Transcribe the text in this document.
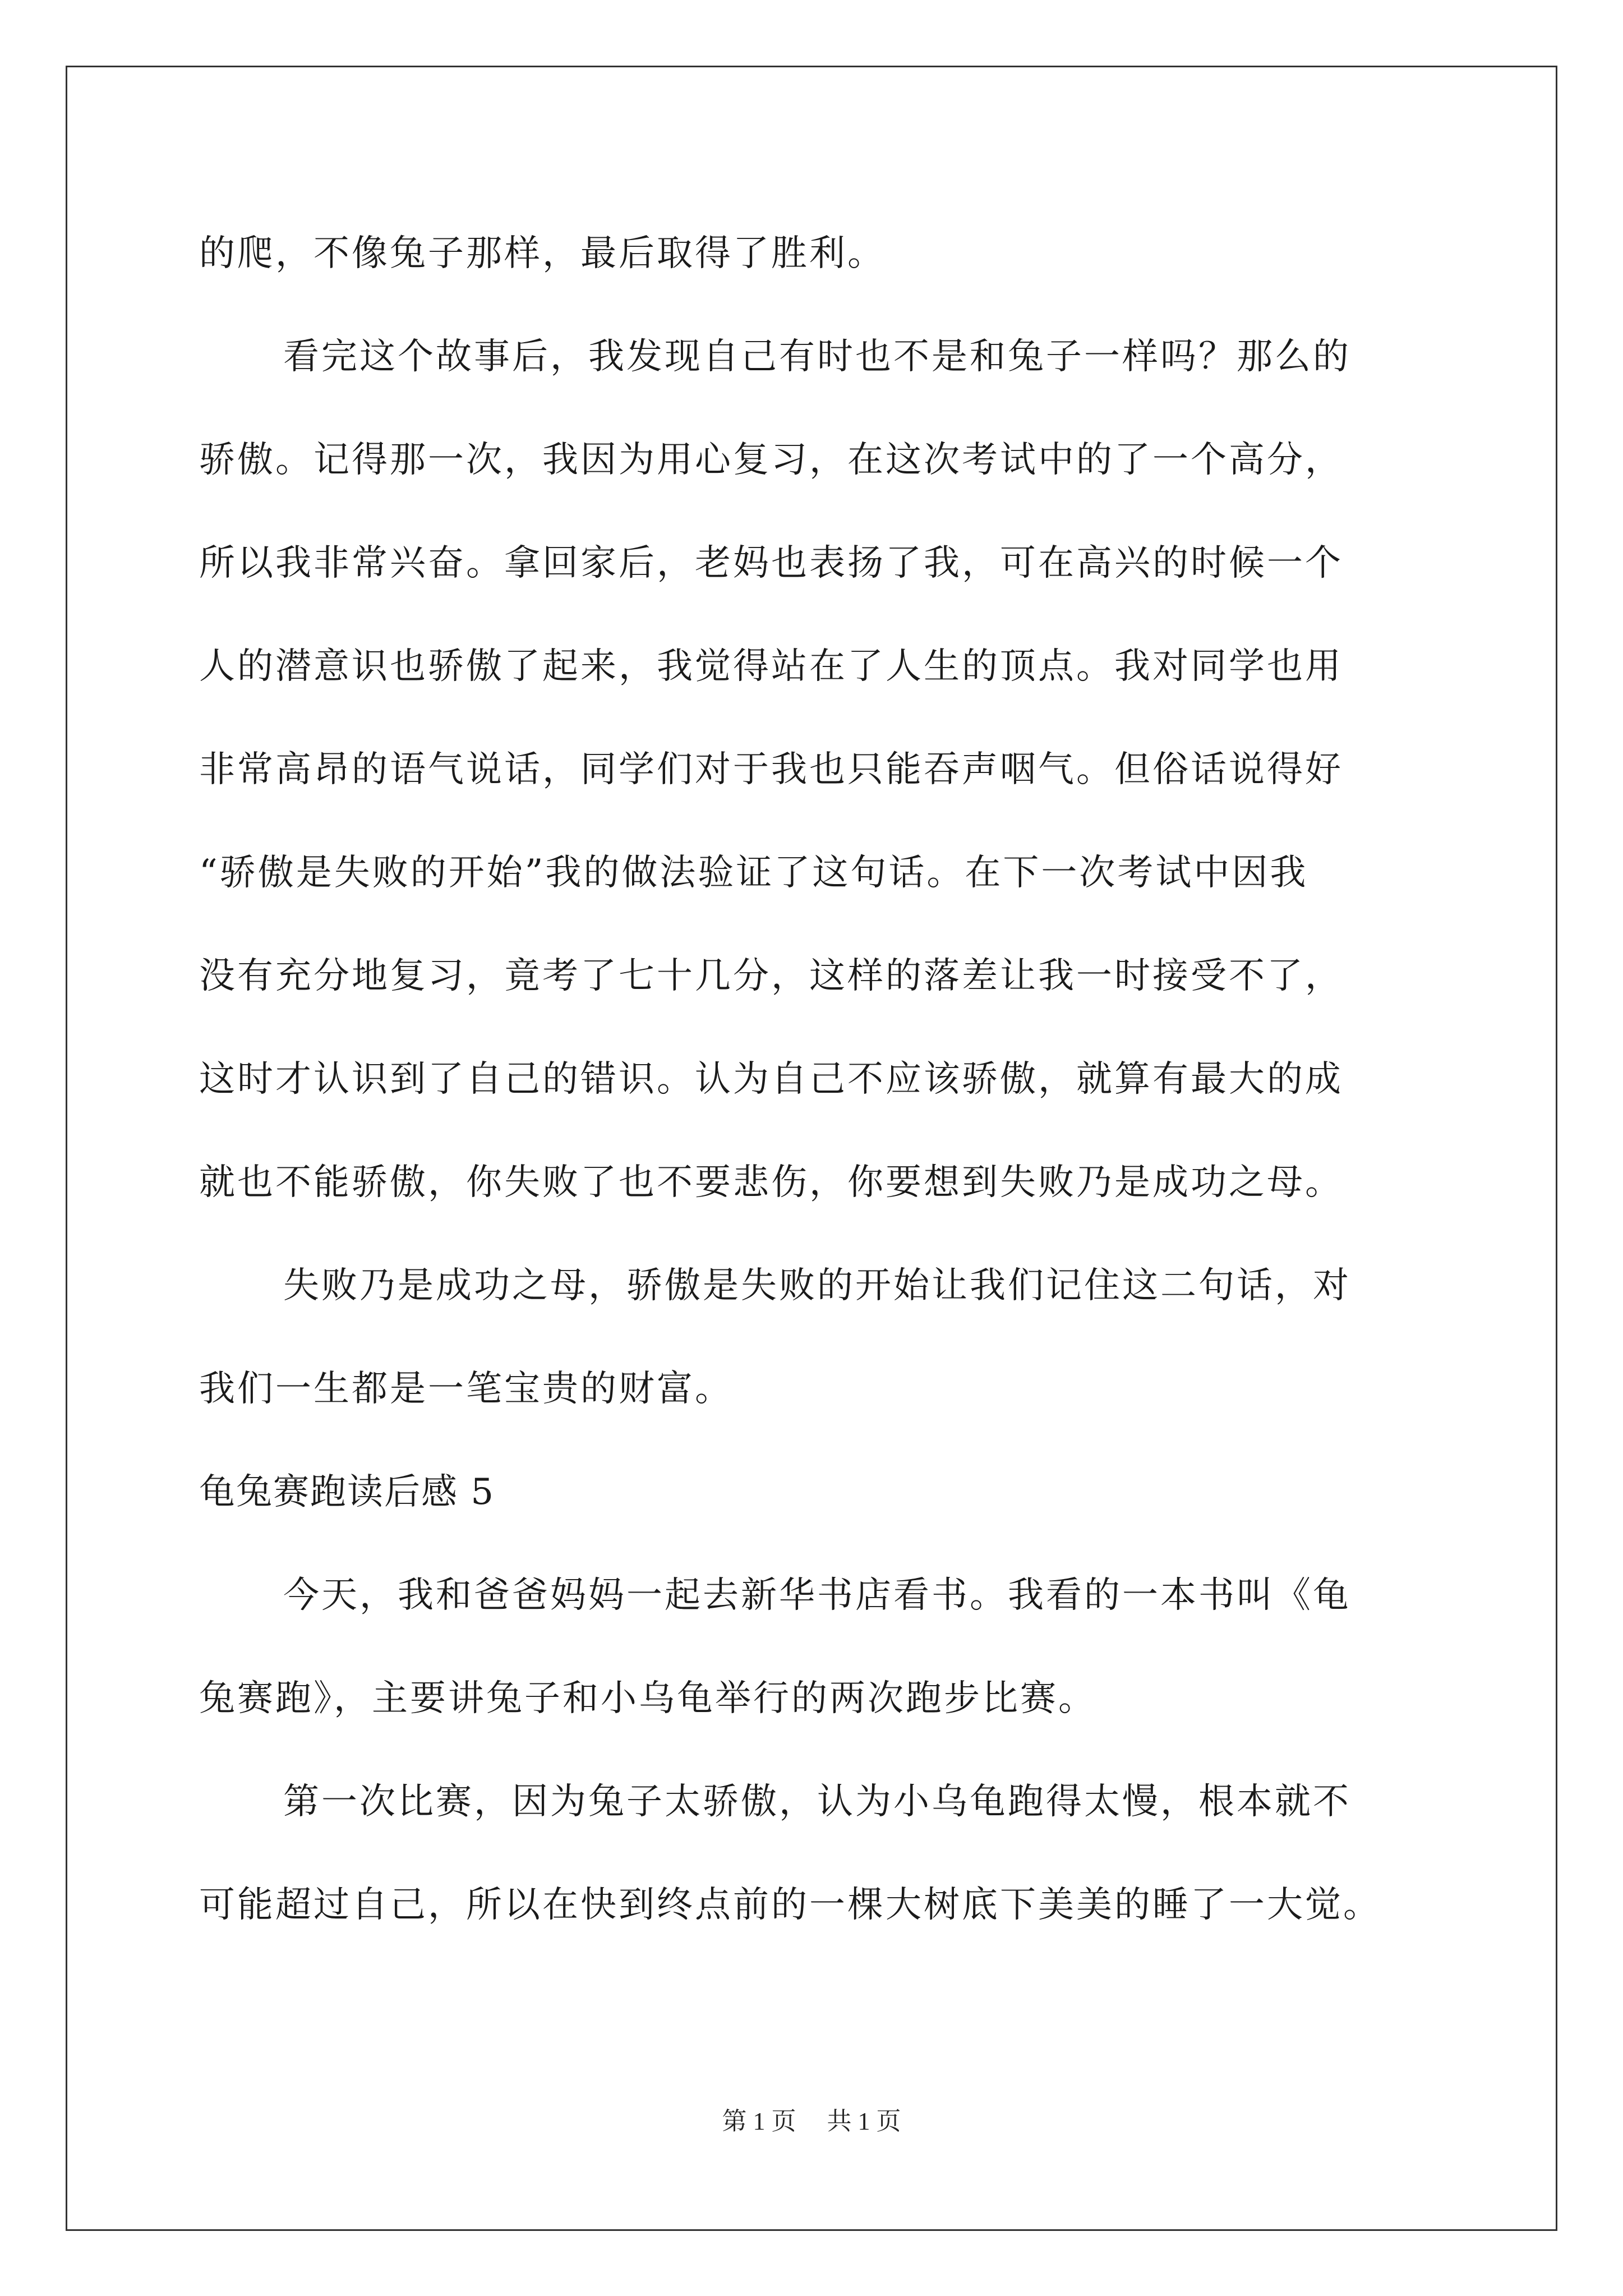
的爬，不像兔子那样，最后取得了胜利。
看完这个故事后，我发现自己有时也不是和兔子一样吗？那么的
骄傲。记得那一次，我因为用心复习，在这次考试中的了一个高分，
所以我非常兴奋。拿回家后，老妈也表扬了我，可在高兴的时候一个
人的潜意识也骄傲了起来，我觉得站在了人生的顶点。我对同学也用
非常高昂的语气说话，同学们对于我也只能吞声咽气。但俗话说得好
“骄傲是失败的开始”我的做法验证了这句话。在下一次考试中因我
没有充分地复习，竟考了七十几分，这样的落差让我一时接受不了，
这时才认识到了自己的错识。认为自己不应该骄傲，就算有最大的成
就也不能骄傲，你失败了也不要悲伤，你要想到失败乃是成功之母。
失败乃是成功之母，骄傲是失败的开始让我们记住这二句话，对
我们一生都是一笔宝贵的财富。
龟兔赛跑读后感 5
今天，我和爸爸妈妈一起去新华书店看书。我看的一本书叫《龟
兔赛跑》，主要讲兔子和小乌龟举行的两次跑步比赛。
第一次比赛，因为兔子太骄傲，认为小乌龟跑得太慢，根本就不
可能超过自己，所以在快到终点前的一棵大树底下美美的睡了一大觉。
第 1 页 共 1 页
